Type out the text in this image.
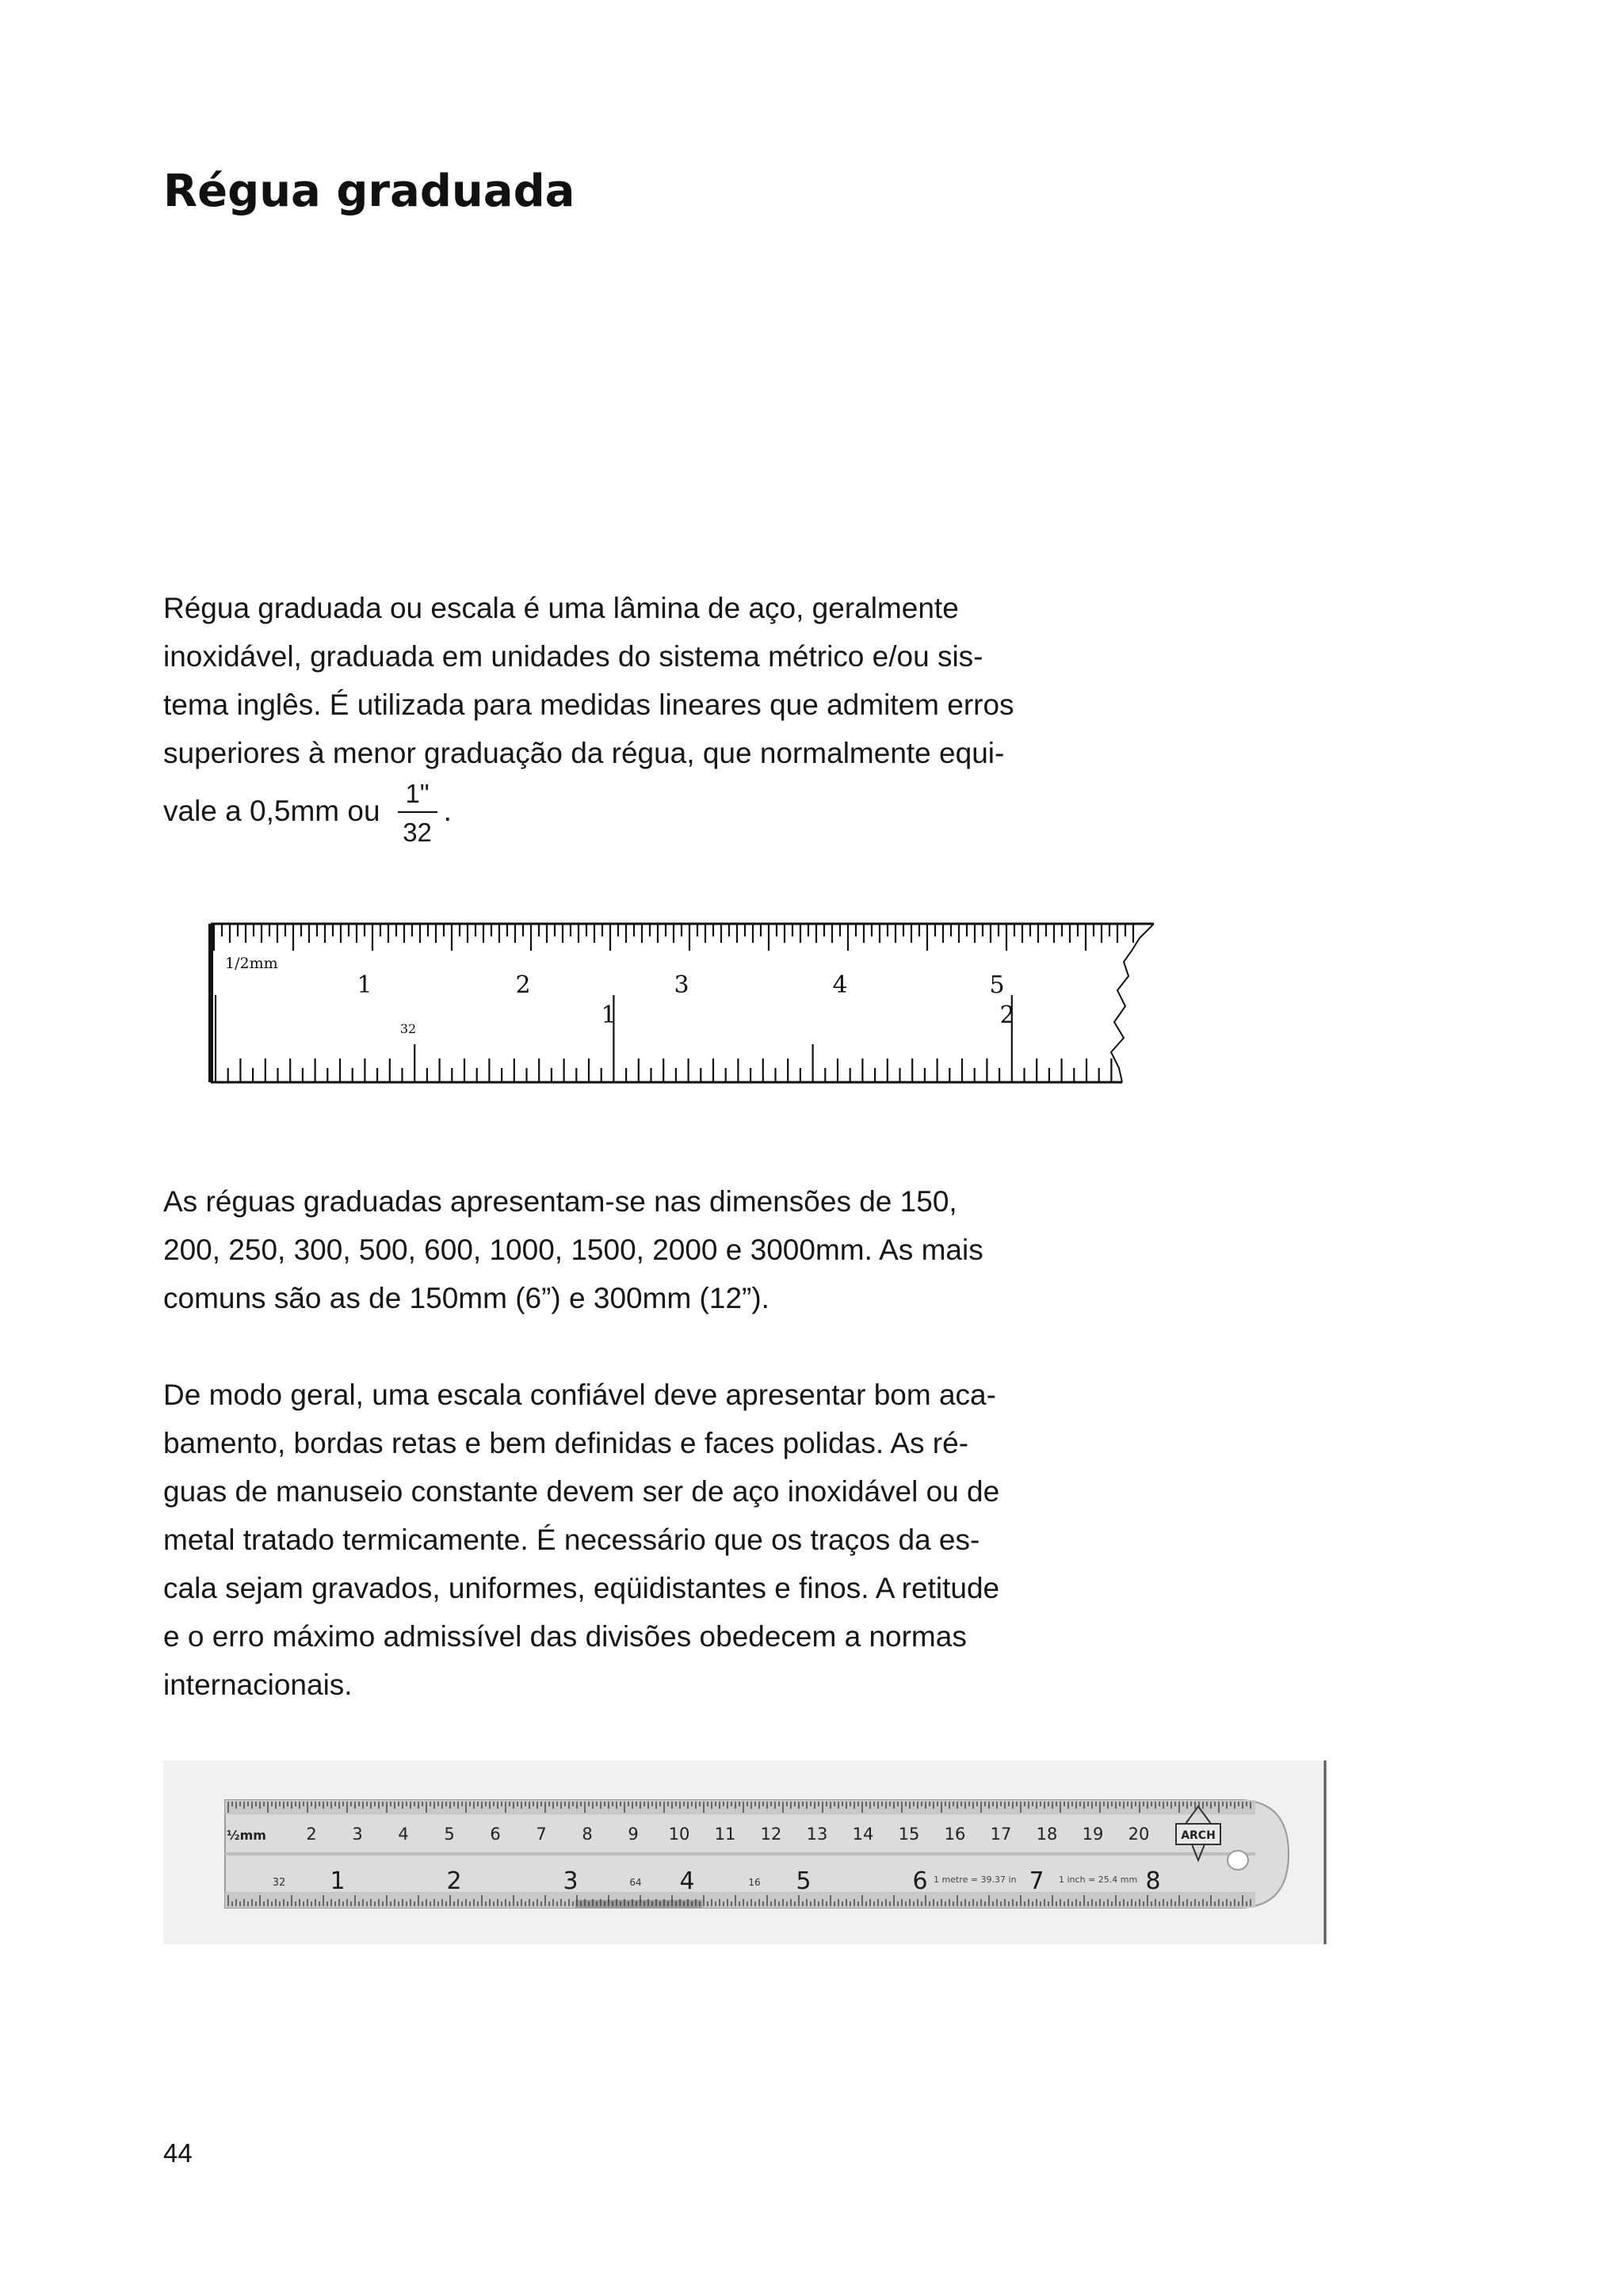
Régua graduada
Régua graduada ou escala é uma lâmina de aço, geralmente
inoxidável, graduada em unidades do sistema métrico e/ou sis-
tema inglês. É utilizada para medidas lineares que admitem erros
superiores à menor graduação da régua, que normalmente equi-
vale a 0,5mm ou $\frac{1"}{32}$ .
1/2mm
1	2	3	4	5
1	2
32
As réguas graduadas apresentam-se nas dimensões de 150,
200, 250, 300, 500, 600, 1000, 1500, 2000 e 3000mm. As mais
comuns são as de 150mm (6”) e 300mm (12”).
De modo geral, uma escala confiável deve apresentar bom aca-
bamento, bordas retas e bem definidas e faces polidas. As ré-
guas de manuseio constante devem ser de aço inoxidável ou de
metal tratado termicamente. É necessário que os traços da es-
cala sejam gravados, uniformes, eqüidistantes e finos. A retitude
e o erro máximo admissível das divisões obedecem a normas
internacionais.
½mm 2 3 4 5 6 7 8 9 10 11 12 13 14 15 16 17 18 19 20
32 1	2	3	64 4	16 5	6 1 metre = 39.37 in 7 1 inch = 25.4 mm 8
ARCH

44
